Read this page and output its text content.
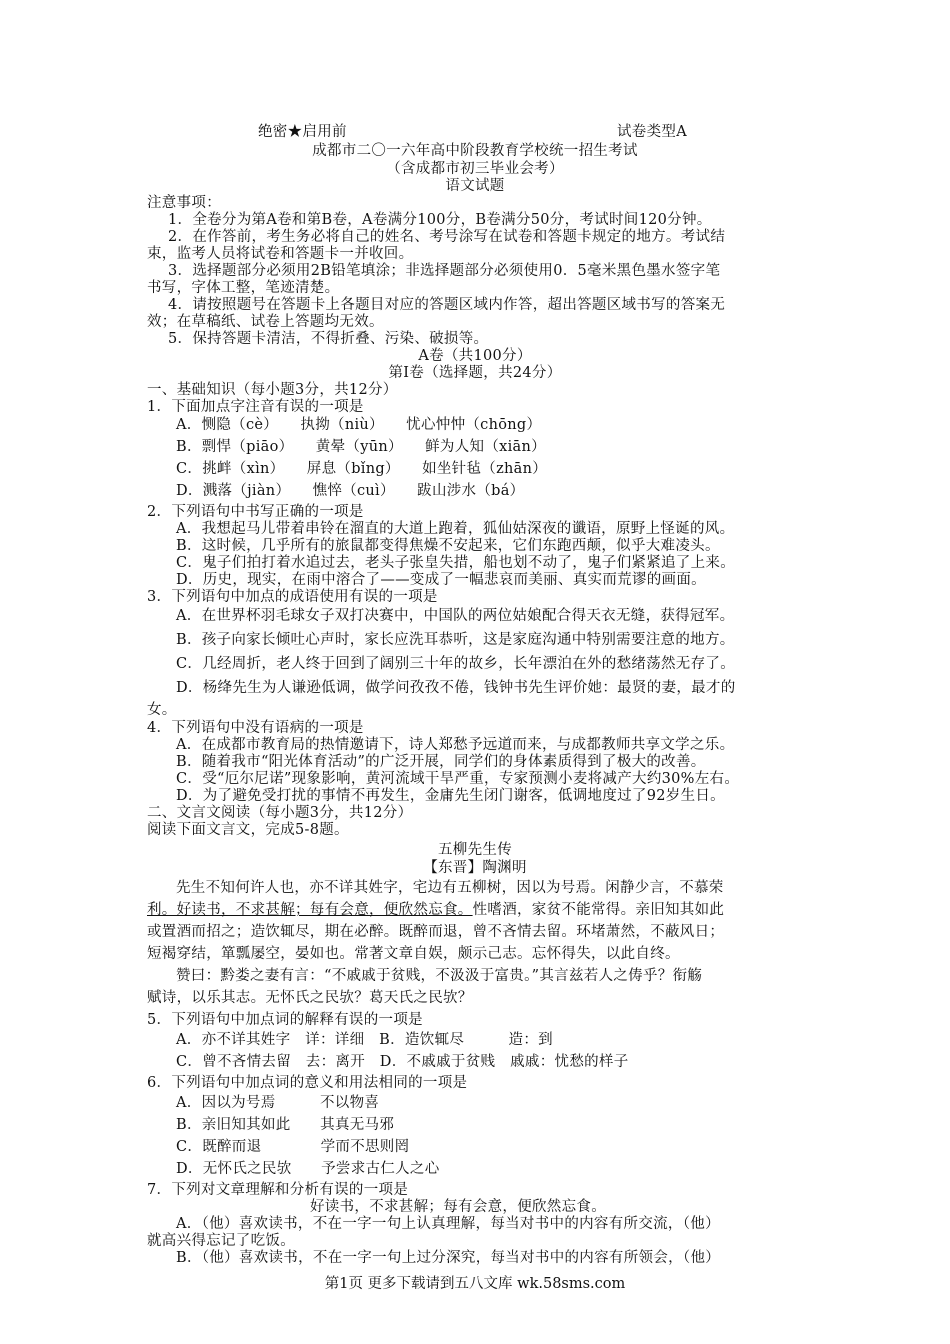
绝密★启用前	试卷类型A
成都市二〇一六年高中阶段教育学校统一招生考试
（含成都市初三毕业会考）
语文试题
注意事项：
1．全卷分为第A卷和第B卷，A卷满分100分，B卷满分50分，考试时间120分钟。
2．在作答前，考生务必将自己的姓名、考号涂写在试卷和答题卡规定的地方。考试结
束，监考人员将试卷和答题卡一并收回。
3．选择题部分必须用2B铅笔填涂；非选择题部分必须使用0．5毫米黑色墨水签字笔
书写，字体工整，笔迹清楚。
4．请按照题号在答题卡上各题目对应的答题区域内作答，超出答题区域书写的答案无
效；在草稿纸、试卷上答题均无效。
5．保持答题卡清洁，不得折叠、污染、破损等。
A卷（共100分）
第Ⅰ卷（选择题，共24分）
一、基础知识（每小题3分，共12分）
1．下面加点字注音有误的一项是
A．恻隐（cè）　　执拗（niù）　　忧心忡忡（chōng）
B．剽悍（piāo）　　黄晕（yūn）　　鲜为人知（xiān）
C．挑衅（xìn）　　屏息（bǐng）　　如坐针毡（zhān）
D．溅落（jiàn）　　憔悴（cuì）　　跋山涉水（bá）
2．下列语句中书写正确的一项是
A．我想起马儿带着串铃在溜直的大道上跑着，狐仙姑深夜的谶语，原野上怪诞的风。
B．这时候，几乎所有的旅鼠都变得焦燥不安起来，它们东跑西颠，似乎大难凌头。
C．鬼子们拍打着水追过去，老头子张皇失措，船也划不动了，鬼子们紧紧追了上来。
D．历史，现实，在雨中溶合了——变成了一幅悲哀而美丽、真实而荒谬的画面。
3．下列语句中加点的成语使用有误的一项是
A．在世界杯羽毛球女子双打决赛中，中国队的两位姑娘配合得天衣无缝，获得冠军。
B．孩子向家长倾吐心声时，家长应洗耳恭听，这是家庭沟通中特别需要注意的地方。
C．几经周折，老人终于回到了阔别三十年的故乡，长年漂泊在外的愁绪荡然无存了。
D．杨绛先生为人谦逊低调，做学问孜孜不倦，钱钟书先生评价她：最贤的妻，最才的
女。
4．下列语句中没有语病的一项是
A．在成都市教育局的热情邀请下，诗人郑愁予远道而来，与成都教师共享文学之乐。
B．随着我市“阳光体育活动”的广泛开展，同学们的身体素质得到了极大的改善。
C．受“厄尔尼诺”现象影响，黄河流域干旱严重，专家预测小麦将减产大约30%左右。
D．为了避免受打扰的事情不再发生，金庸先生闭门谢客，低调地度过了92岁生日。
二、文言文阅读（每小题3分，共12分）
阅读下面文言文，完成5-8题。
五柳先生传
【东晋】陶渊明
先生不知何许人也，亦不详其姓字，宅边有五柳树，因以为号焉。闲静少言，不慕荣
利。好读书，不求甚解；每有会意，便欣然忘食。性嗜酒，家贫不能常得。亲旧知其如此
或置酒而招之；造饮辄尽，期在必醉。既醉而退，曾不吝情去留。环堵萧然，不蔽风日；
短褐穿结，箪瓢屡空，晏如也。常著文章自娱，颇示己志。忘怀得失，以此自终。
赞曰：黔娄之妻有言：“不戚戚于贫贱，不汲汲于富贵。”其言兹若人之俦乎？衔觞
赋诗，以乐其志。无怀氏之民欤？葛天氏之民欤？
5．下列语句中加点词的解释有误的一项是
A．亦不详其姓字　详：详细　B．造饮辄尽　　　造：到
C．曾不吝情去留　去：离开　D．不戚戚于贫贱　戚戚：忧愁的样子
6．下列语句中加点词的意义和用法相同的一项是
A．因以为号焉　　　不以物喜
B．亲旧知其如此　　其真无马邪
C．既醉而退　　　　学而不思则罔
D．无怀氏之民欤　　予尝求古仁人之心
7．下列对文章理解和分析有误的一项是
好读书，不求甚解；每有会意，便欣然忘食。
A．（他）喜欢读书，不在一字一句上认真理解，每当对书中的内容有所交流，（他）
就高兴得忘记了吃饭。
B．（他）喜欢读书，不在一字一句上过分深究，每当对书中的内容有所领会，（他）
第1页 更多下载请到五八文库 wk.58sms.com
